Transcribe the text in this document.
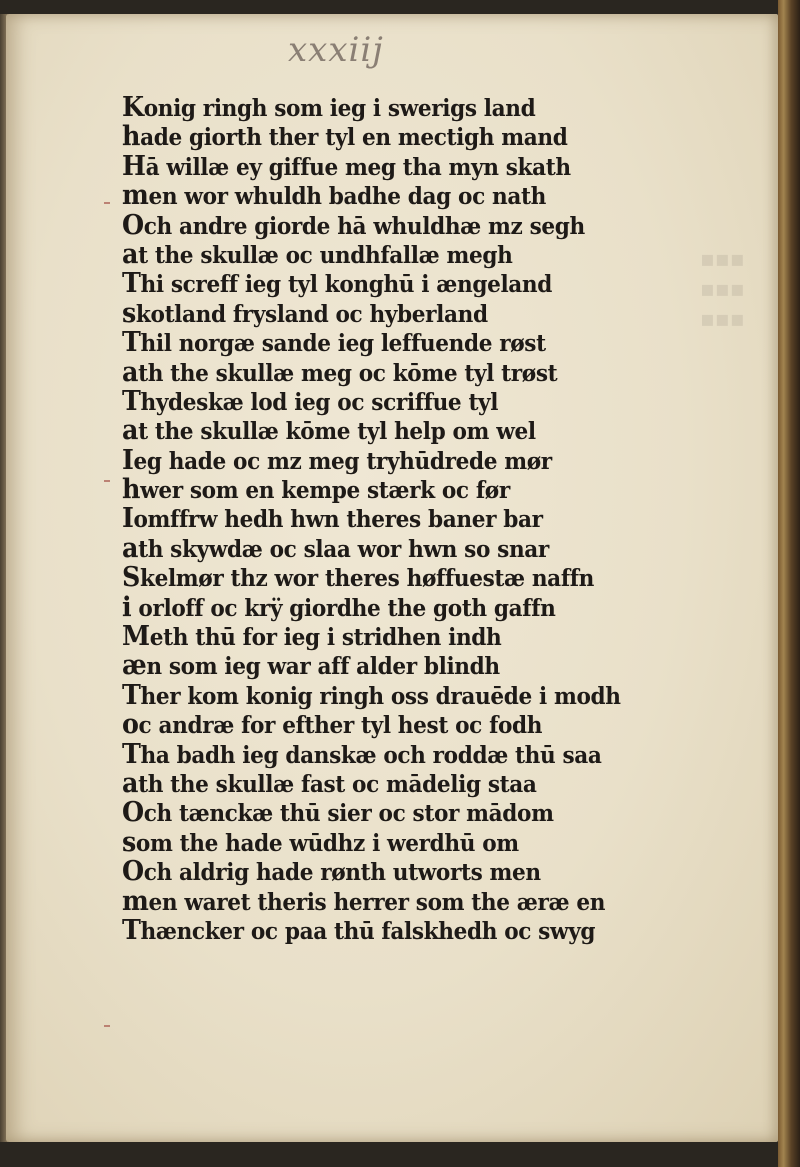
▪▪▪
▪▪▪
▪▪▪

xxxiij

Konig ringh som ieg i swerigs land
hade giorth ther tyl en mectigh mand
Hā willæ ey giffue meg tha myn skath
men wor whuldh badhe dag oc nath
Och andre giorde hā whuldhæ mz segh
at the skullæ oc undhfallæ megh
Thi screff ieg tyl konghū i ængeland
skotland frysland oc hyberland
Thil norgæ sande ieg leffuende røst
ath the skullæ meg oc kōme tyl trøst
Thydeskæ lod ieg oc scriffue tyl
at the skullæ kōme tyl help om wel
Ieg hade oc mz meg tryhūdrede mør
hwer som en kempe stærk oc før
Iomffrw hedh hwn theres baner bar
ath skywdæ oc slaa wor hwn so snar
Skelmør thz wor theres høffuestæ naffn
i orloff oc krÿ giordhe the goth gaffn
Meth thū for ieg i stridhen indh
æn som ieg war aff alder blindh
Ther kom konig ringh oss drauēde i modh
oc andræ for efther tyl hest oc fodh
Tha badh ieg danskæ och roddæ thū saa
ath the skullæ fast oc mādelig staa
Och tænckæ thū sier oc stor mādom
som the hade wūdhz i werdhū om
Och aldrig hade rønth utworts men
men waret theris herrer som the æræ en
Thæncker oc paa thū falskhedh oc swyg
